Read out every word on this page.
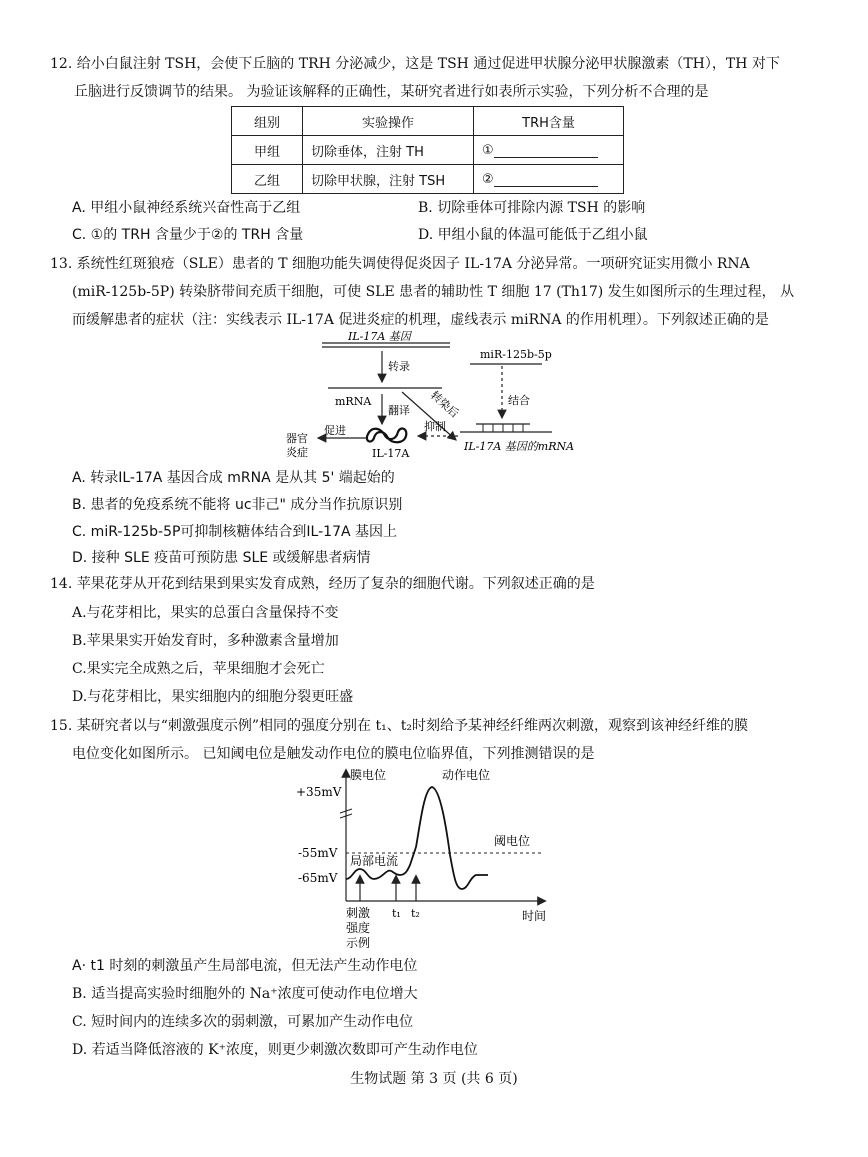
12. 给小白鼠注射 TSH，会使下丘脑的 TRH 分泌减少，这是 TSH 通过促进甲状腺分泌甲状腺激素（TH），TH 对下
丘脑进行反馈调节的结果。 为验证该解释的正确性，某研究者进行如表所示实验，下列分析不合理的是
组别	实验操作	TRH含量
甲组	切除垂体，注射 TH	①
乙组	切除甲状腺，注射 TSH	②
A. 甲组小鼠神经系统兴奋性高于乙组	B. 切除垂体可排除内源 TSH 的影响
C. ①的 TRH 含量少于②的 TRH 含量	D. 甲组小鼠的体温可能低于乙组小鼠
13. 系统性红斑狼疮（SLE）患者的 T 细胞功能失调使得促炎因子 IL-17A 分泌异常。一项研究证实用微小 RNA
(miR-125b-5P) 转染脐带间充质干细胞，可使 SLE 患者的辅助性 T 细胞 17 (Th17) 发生如图所示的生理过程， 从
而缓解患者的症状（注：实线表示 IL-17A 促进炎症的机理，虚线表示 miRNA 的作用机理）。下列叙述正确的是
IL-17A 基因
转录
mRNA
翻译 转染后
miR-125b-5p
结合
IL-17A 基因的mRNA
抑制
IL-17A
促进
器官
炎症
A. 转录IL-17A 基因合成 mRNA 是从其 5' 端起始的
B. 患者的免疫系统不能将 uc非己" 成分当作抗原识别
C. miR-125b-5P可抑制核糖体结合到IL-17A 基因上
D. 接种 SLE 疫苗可预防患 SLE 或缓解患者病情
14. 苹果花芽从开花到结果到果实发育成熟，经历了复杂的细胞代谢。下列叙述正确的是
A.与花芽相比，果实的总蛋白含量保持不变
B.苹果果实开始发育时，多种激素含量增加
C.果实完全成熟之后，苹果细胞才会死亡
D.与花芽相比，果实细胞内的细胞分裂更旺盛
15. 某研究者以与“刺激强度示例”相同的强度分别在 t₁、t₂时刻给予某神经纤维两次刺激，观察到该神经纤维的膜
电位变化如图所示。 已知阈电位是触发动作电位的膜电位临界值，下列推测错误的是
膜电位
时间
+35mV
-55mV
-65mV
阈电位
动作电位
局部电流
刺激
强度
示例
t₁ t₂
A· t1 时刻的刺激虽产生局部电流，但无法产生动作电位
B. 适当提高实验时细胞外的 Na⁺浓度可使动作电位增大
C. 短时间内的连续多次的弱刺激，可累加产生动作电位
D. 若适当降低溶液的 K⁺浓度，则更少刺激次数即可产生动作电位
生物试题 第 3 页 (共 6 页)
